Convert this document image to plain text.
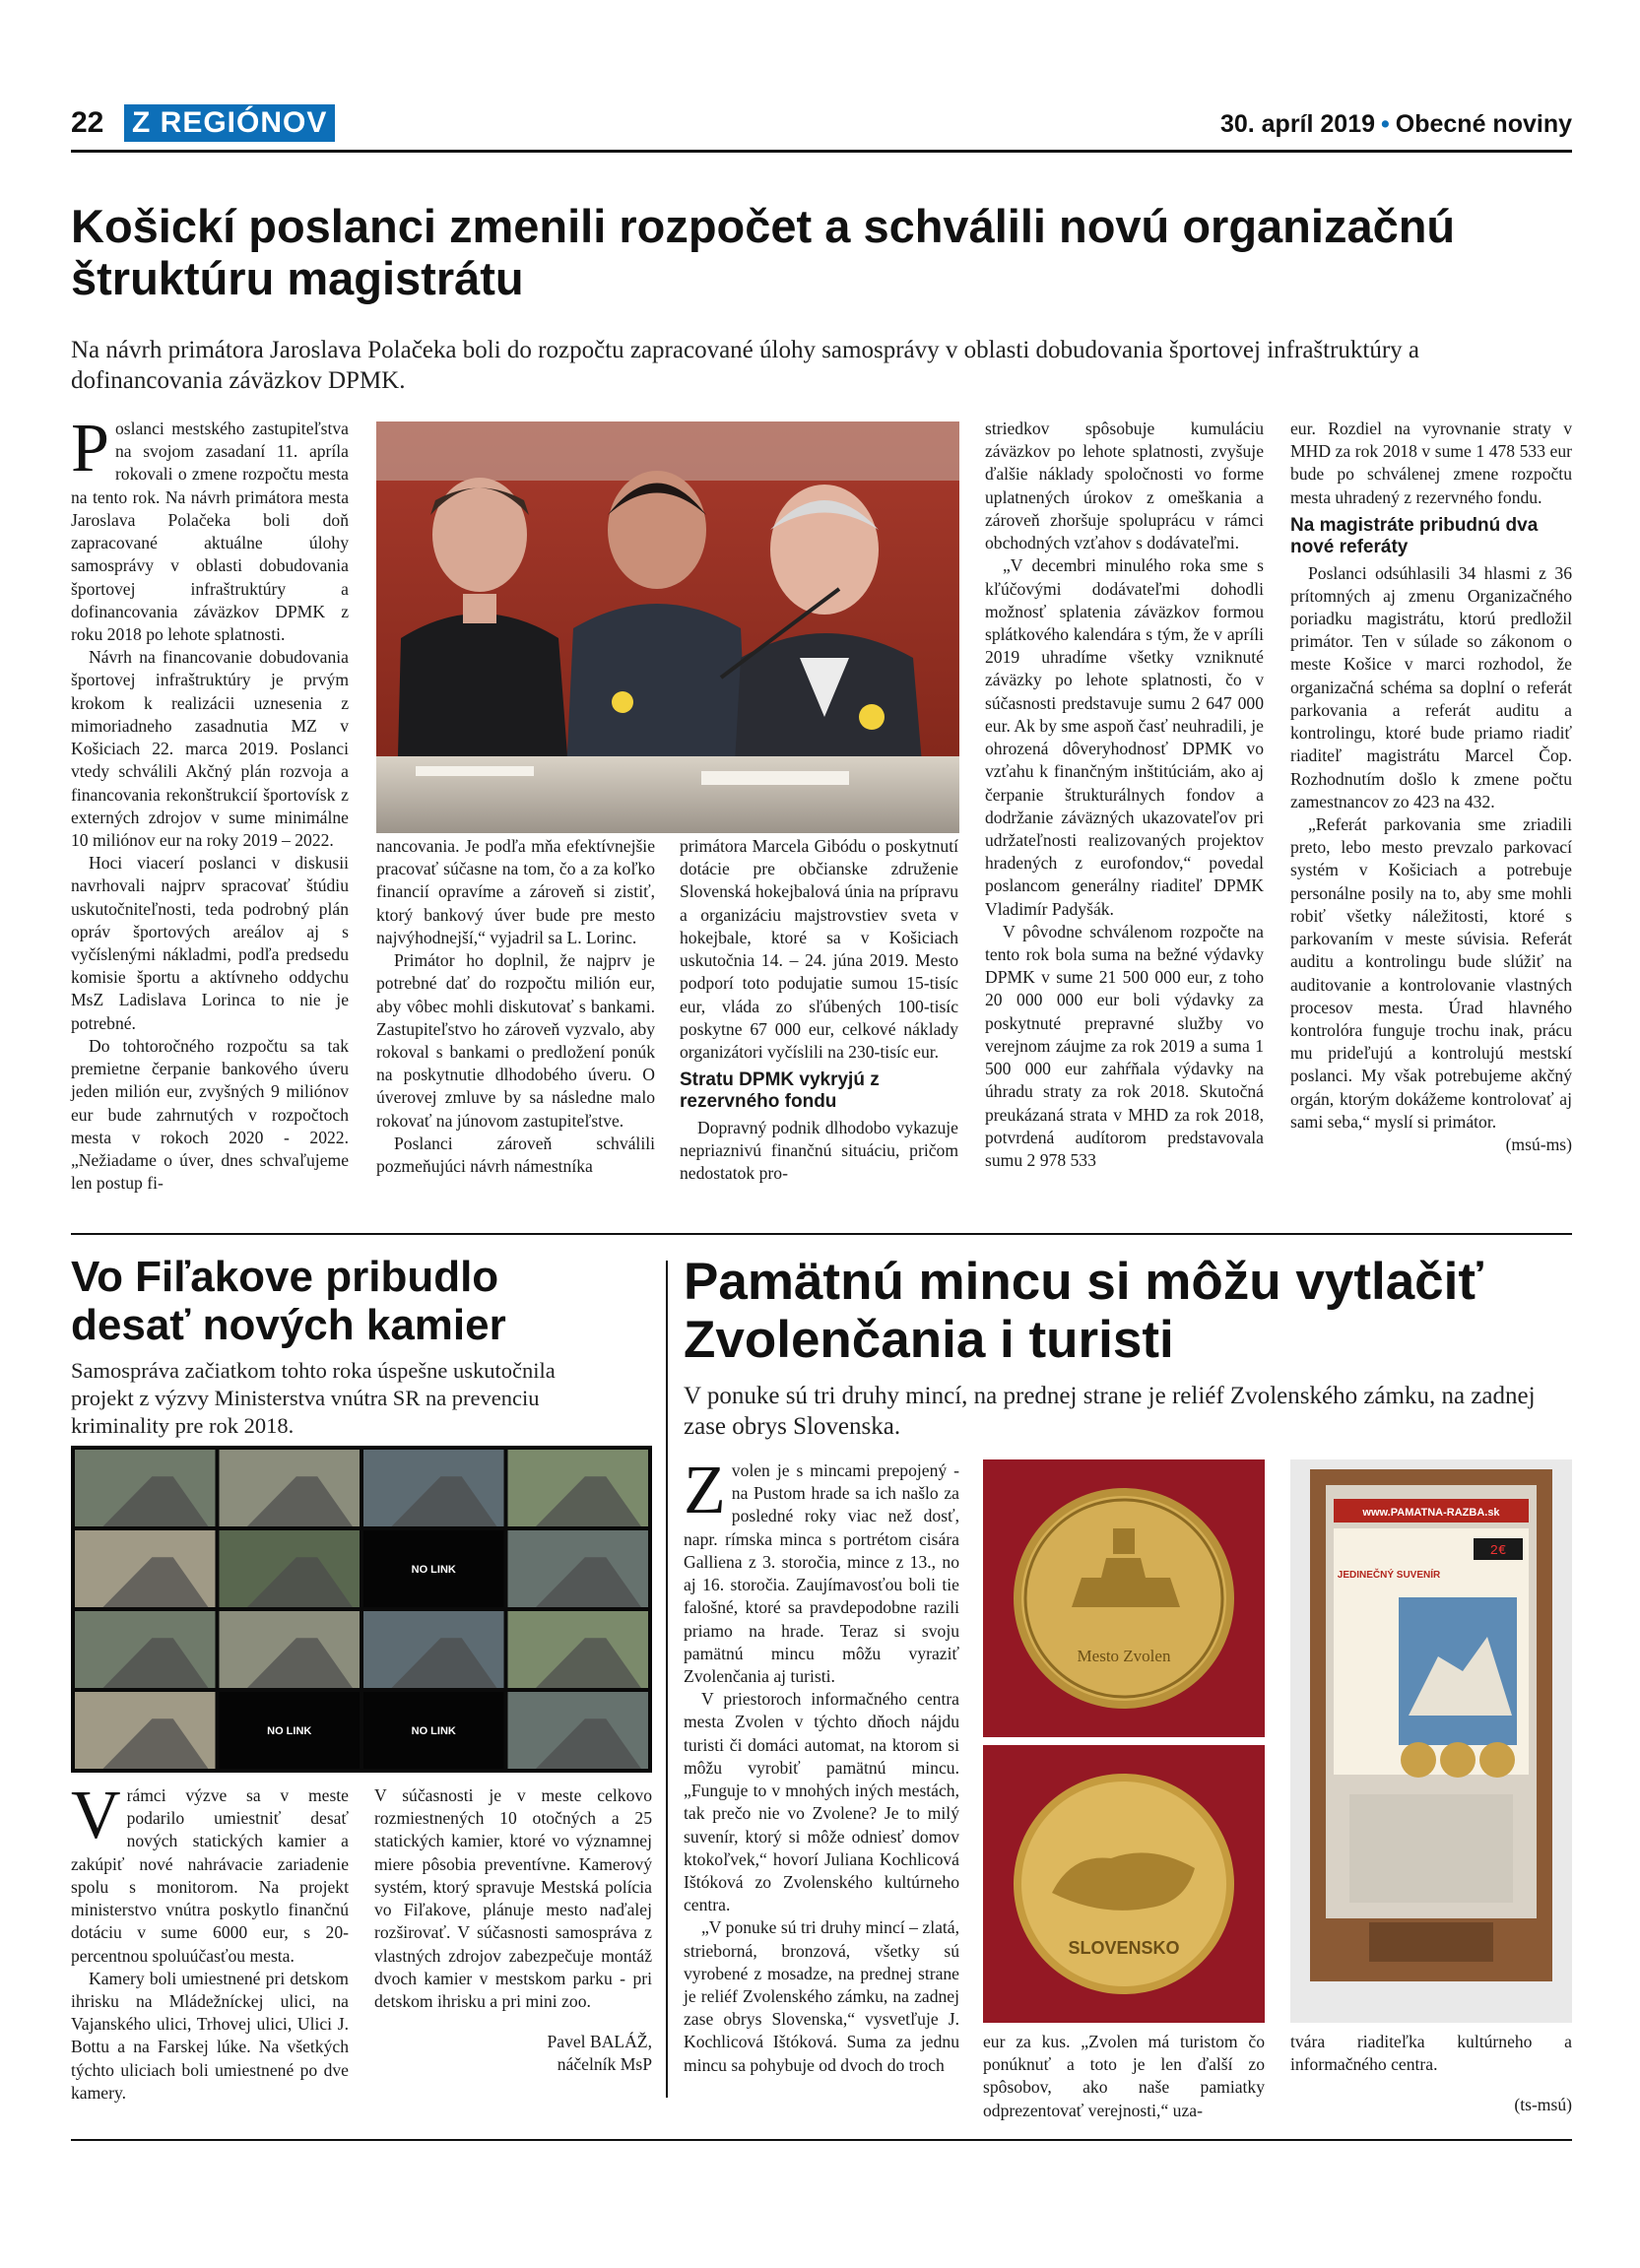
22 Z REGIÓNOV	30. apríl 2019 • Obecné noviny
Košickí poslanci zmenili rozpočet a schválili novú organizačnú štruktúru magistrátu
Na návrh primátora Jaroslava Polačeka boli do rozpočtu zapracované úlohy samosprávy v oblasti dobudovania športovej infraštruktúry a dofinancovania záväzkov DPMK.

Poslanci mestského zastupiteľstva na svojom zasadaní 11. apríla rokovali o zmene rozpočtu mesta na tento rok. Na návrh primátora mesta Jaroslava Polačeka boli doň zapracované aktuálne úlohy samosprávy v oblasti dobudovania športovej infraštruktúry a dofinancovania záväzkov DPMK z roku 2018 po lehote splatnosti.

Návrh na financovanie dobudovania športovej infraštruktúry je prvým krokom k realizácii uznesenia z mimoriadneho zasadnutia MZ v Košiciach 22. marca 2019. Poslanci vtedy schválili Akčný plán rozvoja a financovania rekonštrukcií športovísk z externých zdrojov v sume minimálne 10 miliónov eur na roky 2019 – 2022.

Hoci viacerí poslanci v diskusii navrhovali najprv spracovať štúdiu uskutočniteľnosti, teda podrobný plán opráv športových areálov aj s vyčíslenými nákladmi, podľa predsedu komisie športu a aktívneho oddychu MsZ Ladislava Lorinca to nie je potrebné.

Do tohtoročného rozpočtu sa tak premietne čerpanie bankového úveru jeden milión eur, zvyšných 9 miliónov eur bude zahrnutých v rozpočtoch mesta v rokoch 2020 - 2022. „Nežiadame o úver, dnes schvaľujeme len postup fi-

nancovania. Je podľa mňa efektívnejšie pracovať súčasne na tom, čo a za koľko financií opravíme a zároveň si zistiť, ktorý bankový úver bude pre mesto najvýhodnejší,“ vyjadril sa L. Lorinc.

Primátor ho doplnil, že najprv je potrebné dať do rozpočtu milión eur, aby vôbec mohli diskutovať s bankami. Zastupiteľstvo ho zároveň vyzvalo, aby rokoval s bankami o predložení ponúk na poskytnutie dlhodobého úveru. O úverovej zmluve by sa následne malo rokovať na júnovom zastupiteľstve.

Poslanci zároveň schválili pozmeňujúci návrh námestníka

primátora Marcela Gibódu o poskytnutí dotácie pre občianske združenie Slovenská hokejbalová únia na prípravu a organizáciu majstrovstiev sveta v hokejbale, ktoré sa v Košiciach uskutočnia 14. – 24. júna 2019. Mesto podporí toto podujatie sumou 15-tisíc eur, vláda zo sľúbených 100-tisíc poskytne 67 000 eur, celkové náklady organizátori vyčíslili na 230-tisíc eur.

Stratu DPMK vykryjú z rezervného fondu

Dopravný podnik dlhodobo vykazuje nepriaznivú finančnú situáciu, pričom nedostatok pro-

striedkov spôsobuje kumuláciu záväzkov po lehote splatnosti, zvyšuje ďalšie náklady spoločnosti vo forme uplatnených úrokov z omeškania a zároveň zhoršuje spoluprácu v rámci obchodných vzťahov s dodávateľmi.

„V decembri minulého roka sme s kľúčovými dodávateľmi dohodli možnosť splatenia záväzkov formou splátkového kalendára s tým, že v apríli 2019 uhradíme všetky vzniknuté záväzky po lehote splatnosti, čo v súčasnosti predstavuje sumu 2 647 000 eur. Ak by sme aspoň časť neuhradili, je ohrozená dôveryhodnosť DPMK vo vzťahu k finančným inštitúciám, ako aj čerpanie štrukturálnych fondov a dodržanie záväzných ukazovateľov pri udržateľnosti realizovaných projektov hradených z eurofondov,“ povedal poslancom generálny riaditeľ DPMK Vladimír Padyšák.

V pôvodne schválenom rozpočte na tento rok bola suma na bežné výdavky DPMK v sume 21 500 000 eur, z toho 20 000 000 eur boli výdavky za poskytnuté prepravné služby vo verejnom záujme za rok 2019 a suma 1 500 000 eur zahŕňala výdavky na úhradu straty za rok 2018. Skutočná preukázaná strata v MHD za rok 2018, potvrdená audítorom predstavovala sumu 2 978 533

eur. Rozdiel na vyrovnanie straty v MHD za rok 2018 v sume 1 478 533 eur bude po schválenej zmene rozpočtu mesta uhradený z rezervného fondu.

Na magistráte pribudnú dva nové referáty

Poslanci odsúhlasili 34 hlasmi z 36 prítomných aj zmenu Organizačného poriadku magistrátu, ktorú predložil primátor. Ten v súlade so zákonom o meste Košice v marci rozhodol, že organizačná schéma sa doplní o referát parkovania a referát auditu a kontrolingu, ktoré bude priamo riadiť riaditeľ magistrátu Marcel Čop. Rozhodnutím došlo k zmene počtu zamestnancov zo 423 na 432.

„Referát parkovania sme zriadili preto, lebo mesto prevzalo parkovací systém v Košiciach a potrebuje personálne posily na to, aby sme mohli robiť všetky náležitosti, ktoré s parkovaním v meste súvisia. Referát auditu a kontrolingu bude slúžiť na auditovanie a kontrolovanie vlastných procesov mesta. Úrad hlavného kontrolóra funguje trochu inak, prácu mu prideľujú a kontrolujú mestskí poslanci. My však potrebujeme akčný orgán, ktorým dokážeme kontrolovať aj sami seba,“ myslí si primátor.

(msú-ms)

Vo Fiľakove pribudlo desať nových kamier
Samospráva začiatkom tohto roka úspešne uskutočnila projekt z výzvy Ministerstva vnútra SR na prevenciu kriminality pre rok 2018.
NO LINK
NO LINK	NO LINK

Vrámci výzve sa v meste podarilo umiestniť desať nových statických kamier a zakúpiť nové nahrávacie zariadenie spolu s monitorom. Na projekt ministerstvo vnútra poskytlo finančnú dotáciu v sume 6000 eur, s 20-percentnou spoluúčasťou mesta.

Kamery boli umiestnené pri detskom ihrisku na Mládežníckej ulici, na Vajanského ulici, Trhovej ulici, Ulici J. Bottu a na Farskej lúke. Na všetkých týchto uliciach boli umiestnené po dve kamery.

V súčasnosti je v meste celkovo rozmiestnených 10 otočných a 25 statických kamier, ktoré vo významnej miere pôsobia preventívne. Kamerový systém, ktorý spravuje Mestská polícia vo Fiľakove, plánuje mesto naďalej rozširovať. V súčasnosti samospráva z vlastných zdrojov zabezpečuje montáž dvoch kamier v mestskom parku - pri detskom ihrisku a pri mini zoo.

Pavel BALÁŽ,

náčelník MsP

Pamätnú mincu si môžu vytlačiť Zvolenčania i turisti
V ponuke sú tri druhy mincí, na prednej strane je reliéf Zvolenského zámku, na zadnej zase obrys Slovenska.

Zvolen je s mincami prepojený - na Pustom hrade sa ich našlo za posledné roky viac než dosť, napr. rímska minca s portrétom cisára Galliena z 3. storočia, mince z 13., no aj 16. storočia. Zaujímavosťou boli tie falošné, ktoré sa pravdepodobne razili priamo na hrade. Teraz si svoju pamätnú mincu môžu vyraziť Zvolenčania aj turisti.

V priestoroch informačného centra mesta Zvolen v týchto dňoch nájdu turisti či domáci automat, na ktorom si môžu vyrobiť pamätnú mincu. „Funguje to v mnohých iných mestách, tak prečo nie vo Zvolene? Je to milý suvenír, ktorý si môže odniesť domov ktokoľvek,“ hovorí Juliana Kochlicová Ištóková zo Zvolenského kultúrneho centra.

„V ponuke sú tri druhy mincí – zlatá, strieborná, bronzová, všetky sú vyrobené z mosadze, na prednej strane je reliéf Zvolenského zámku, na zadnej zase obrys Slovenska,“ vysvetľuje J. Kochlicová Ištóková. Suma za jednu mincu sa pohybuje od dvoch do troch

Mesto Zvolen
SLOVENSKO
www.PAMATNA-RAZBA.sk
2€
JEDINEČNÝ SUVENÍR

eur za kus. „Zvolen má turistom čo ponúknuť a toto je len ďalší zo spôsobov, ako naše pamiatky odprezentovať verejnosti,“ uza-

tvára riaditeľka kultúrneho a informačného centra.

(ts-msú)
